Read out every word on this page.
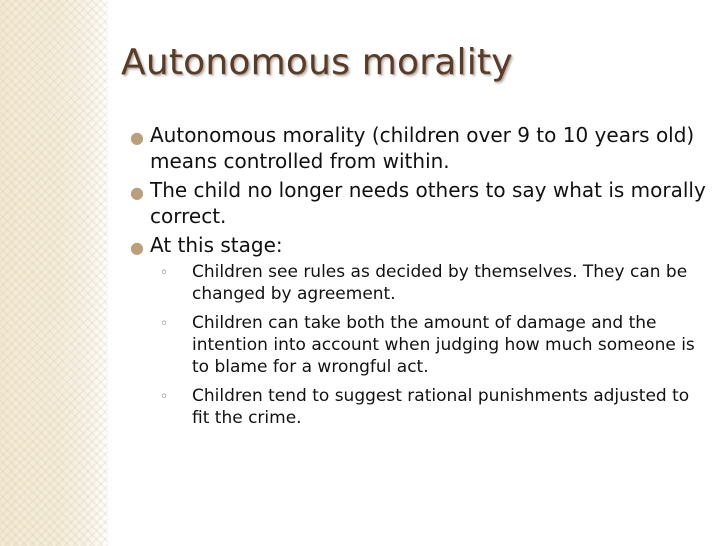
Autonomous morality
● Autonomous morality (children over 9 to 10 years old) means controlled from within.
● The child no longer needs others to say what is morally correct.
● At this stage:
◦ Children see rules as decided by themselves. They can be changed by agreement.
◦ Children can take both the amount of damage and the intention into account when judging how much someone is to blame for a wrongful act.
◦ Children tend to suggest rational punishments adjusted to fit the crime.
